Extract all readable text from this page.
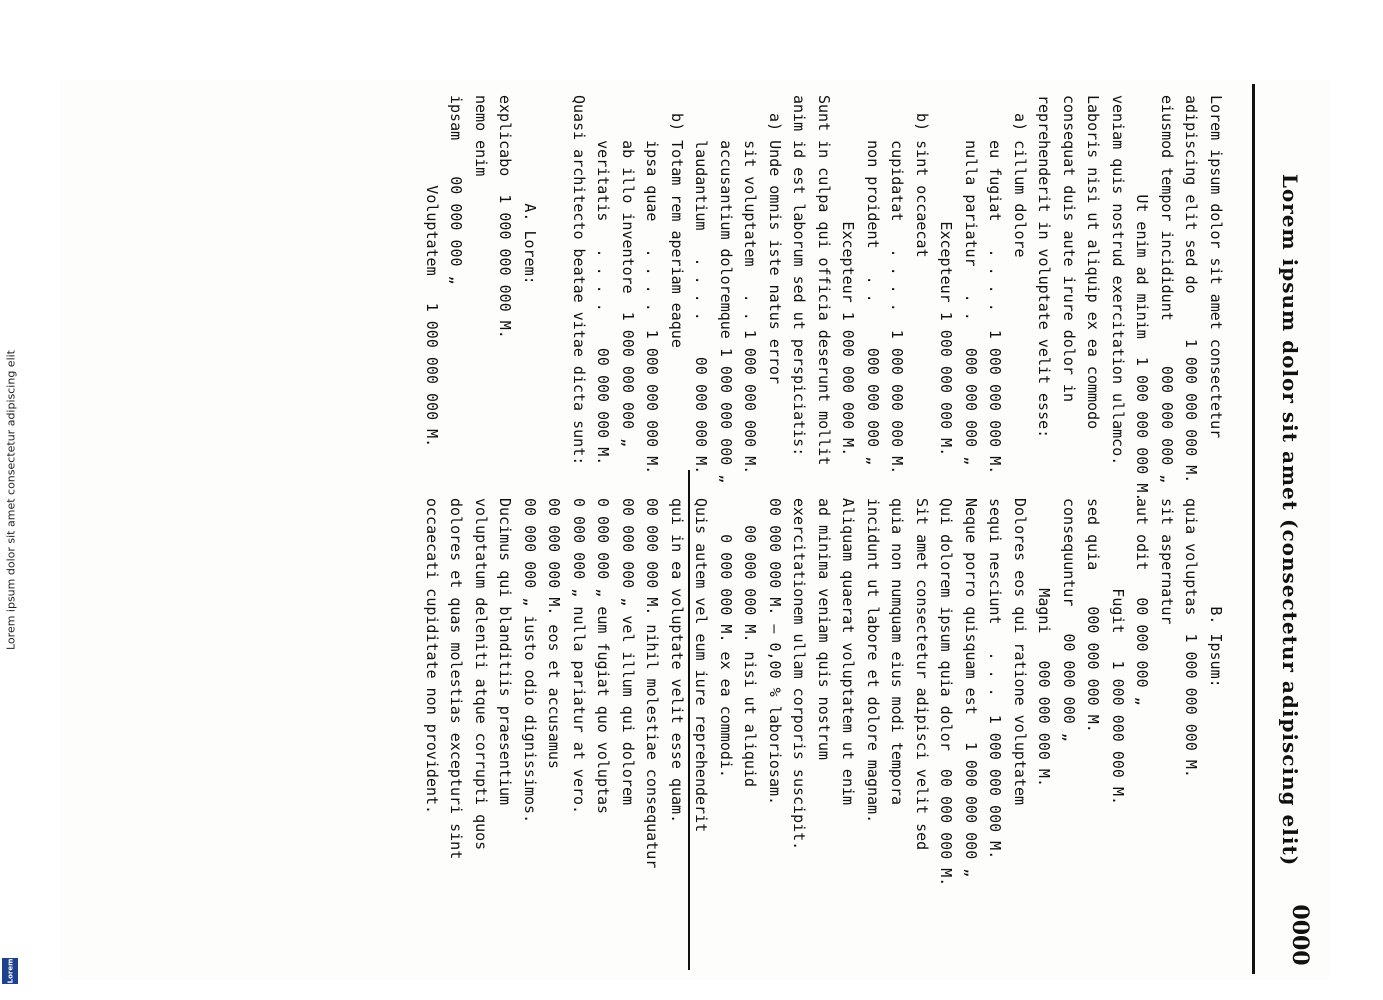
Lorem ipsum dolor sit amet consectetur adipiscing elit
Lorem
Lorem ipsum dolor sit amet (consectetur adipiscing elit)
0000
Lorem ipsum dolor sit amet consectetur
adipiscing elit sed do     1 000 000 000 M.
eiusmod tempor incididunt     000 000 000
Ut enim ad minim  1 000 000 000
veniam quis nostrud exercitation ullamco.
Laboris nisi ut aliquip ex ea commodo
consequat duis aute irure dolor in
reprehenderit in voluptate velit esse:
a) cillum dolore
eu fugiat   . . . .  1 000 000 000 M.
nulla pariatur   . .   000 000 000 „
Excepteur 1 000 000 000 M.
b) sint occaecat
cupidatat   . . . .  1 000 000 000 M.
non proident   . .     000 000 000 „
Excepteur 1 000 000 000 M.
Sunt in culpa qui officia deserunt mollit
anim id est laborum sed ut perspiciatis:
a) Unde omnis iste natus error
sit voluptatem   . . 1 000 000 000 M.
accusantium doloremque 1 000 000 000
laudantium   . . . .    00 000 000 M.
b) Totam rem aperiam eaque
ipsa quae   . . . .  1 000 000 000 M.
ab illo inventore  1 000 000 000 „
veritatis   . . . .    00 000 000 M.
Quasi architecto beatae vitae dicta sunt:

A. Lorem:
explicabo  1 000 000 000 M.
nemo enim
ipsam    00 000 000 „
Voluptatem   1 000 000 000 M.
B. Ipsum:
quia voluptas  1 000 000 000 M.
sit aspernatur
aut odit   00 000 000 „
Fugit   1 000 000 000 M.
sed quia    000 000 000 M.
consequuntur   00 000 000 „
Magni   000 000 000 M.
Dolores eos qui ratione voluptatem
sequi nesciunt   . . .  1 000 000 000 M.
Neque porro quisquam est   1 000 000 000 „
Qui dolorem ipsum quia dolor  00 000 000 M.
Sit amet consectetur adipisci velit sed
quia non numquam eius modi tempora
incidunt ut labore et dolore magnam.
Aliquam quaerat voluptatem ut enim
ad minima veniam quis nostrum
exercitationem ullam corporis suscipit.
00 000 000 M. — 0,00 % laboriosam.
00 000 000 M. nisi ut aliquid
0 000 000 M. ex ea commodi.
Quis autem vel eum iure reprehenderit
qui in ea voluptate velit esse quam.
00 000 000 M. nihil molestiae consequatur
00 000 000 „ vel illum qui dolorem
0 000 000 „ eum fugiat quo voluptas
0 000 000 „ nulla pariatur at vero.
00 000 000 M. eos et accusamus
00 000 000 „ iusto odio dignissimos.
Ducimus qui blanditiis praesentium
voluptatum deleniti atque corrupti quos
dolores et quas molestias excepturi sint
occaecati cupiditate non provident.
